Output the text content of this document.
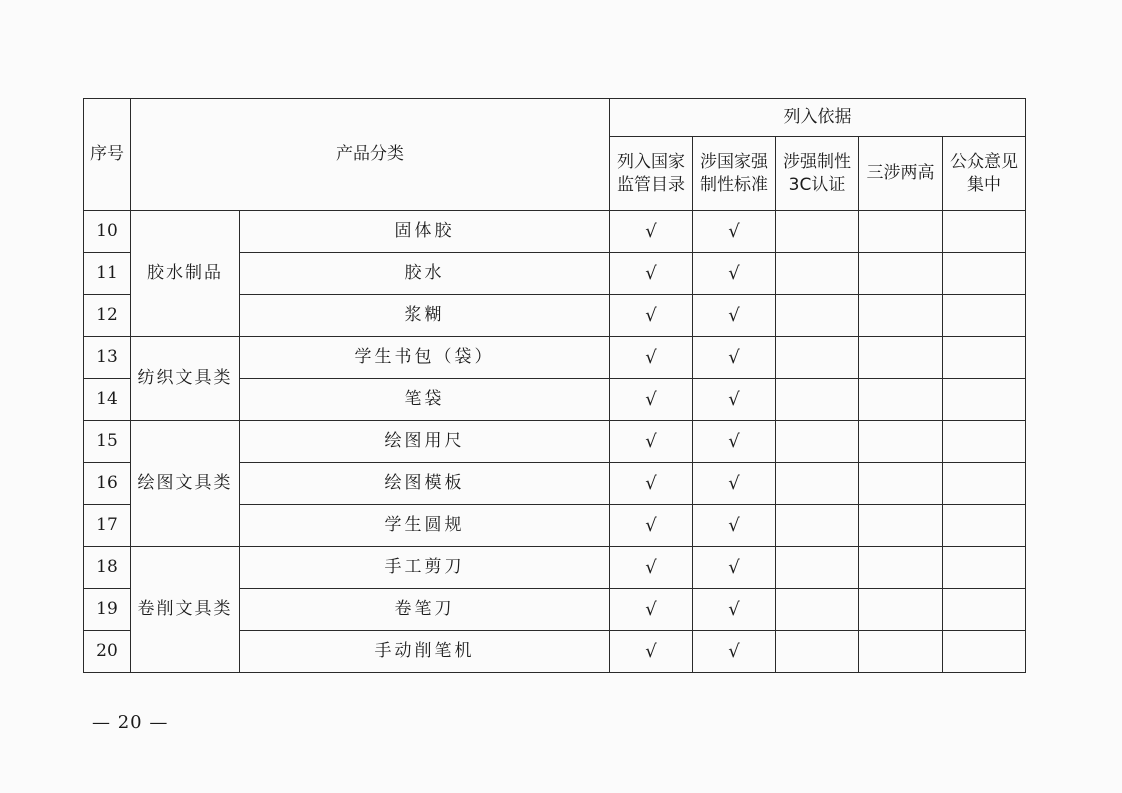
序号	产品分类		列入依据				
			列入国家监管目录	涉国家强制性标准	涉强制性3C认证	三涉两高	公众意见集中
10	胶水制品	固体胶	√	√			
11		胶水	√	√			
12		浆糊	√	√			
13	纺织文具类	学生书包（袋）	√	√			
14		笔袋	√	√			
15	绘图文具类	绘图用尺	√	√			
16		绘图模板	√	√			
17		学生圆规	√	√			
18	卷削文具类	手工剪刀	√	√			
19		卷笔刀	√	√			
20		手动削笔机	√	√			
— 20 —
